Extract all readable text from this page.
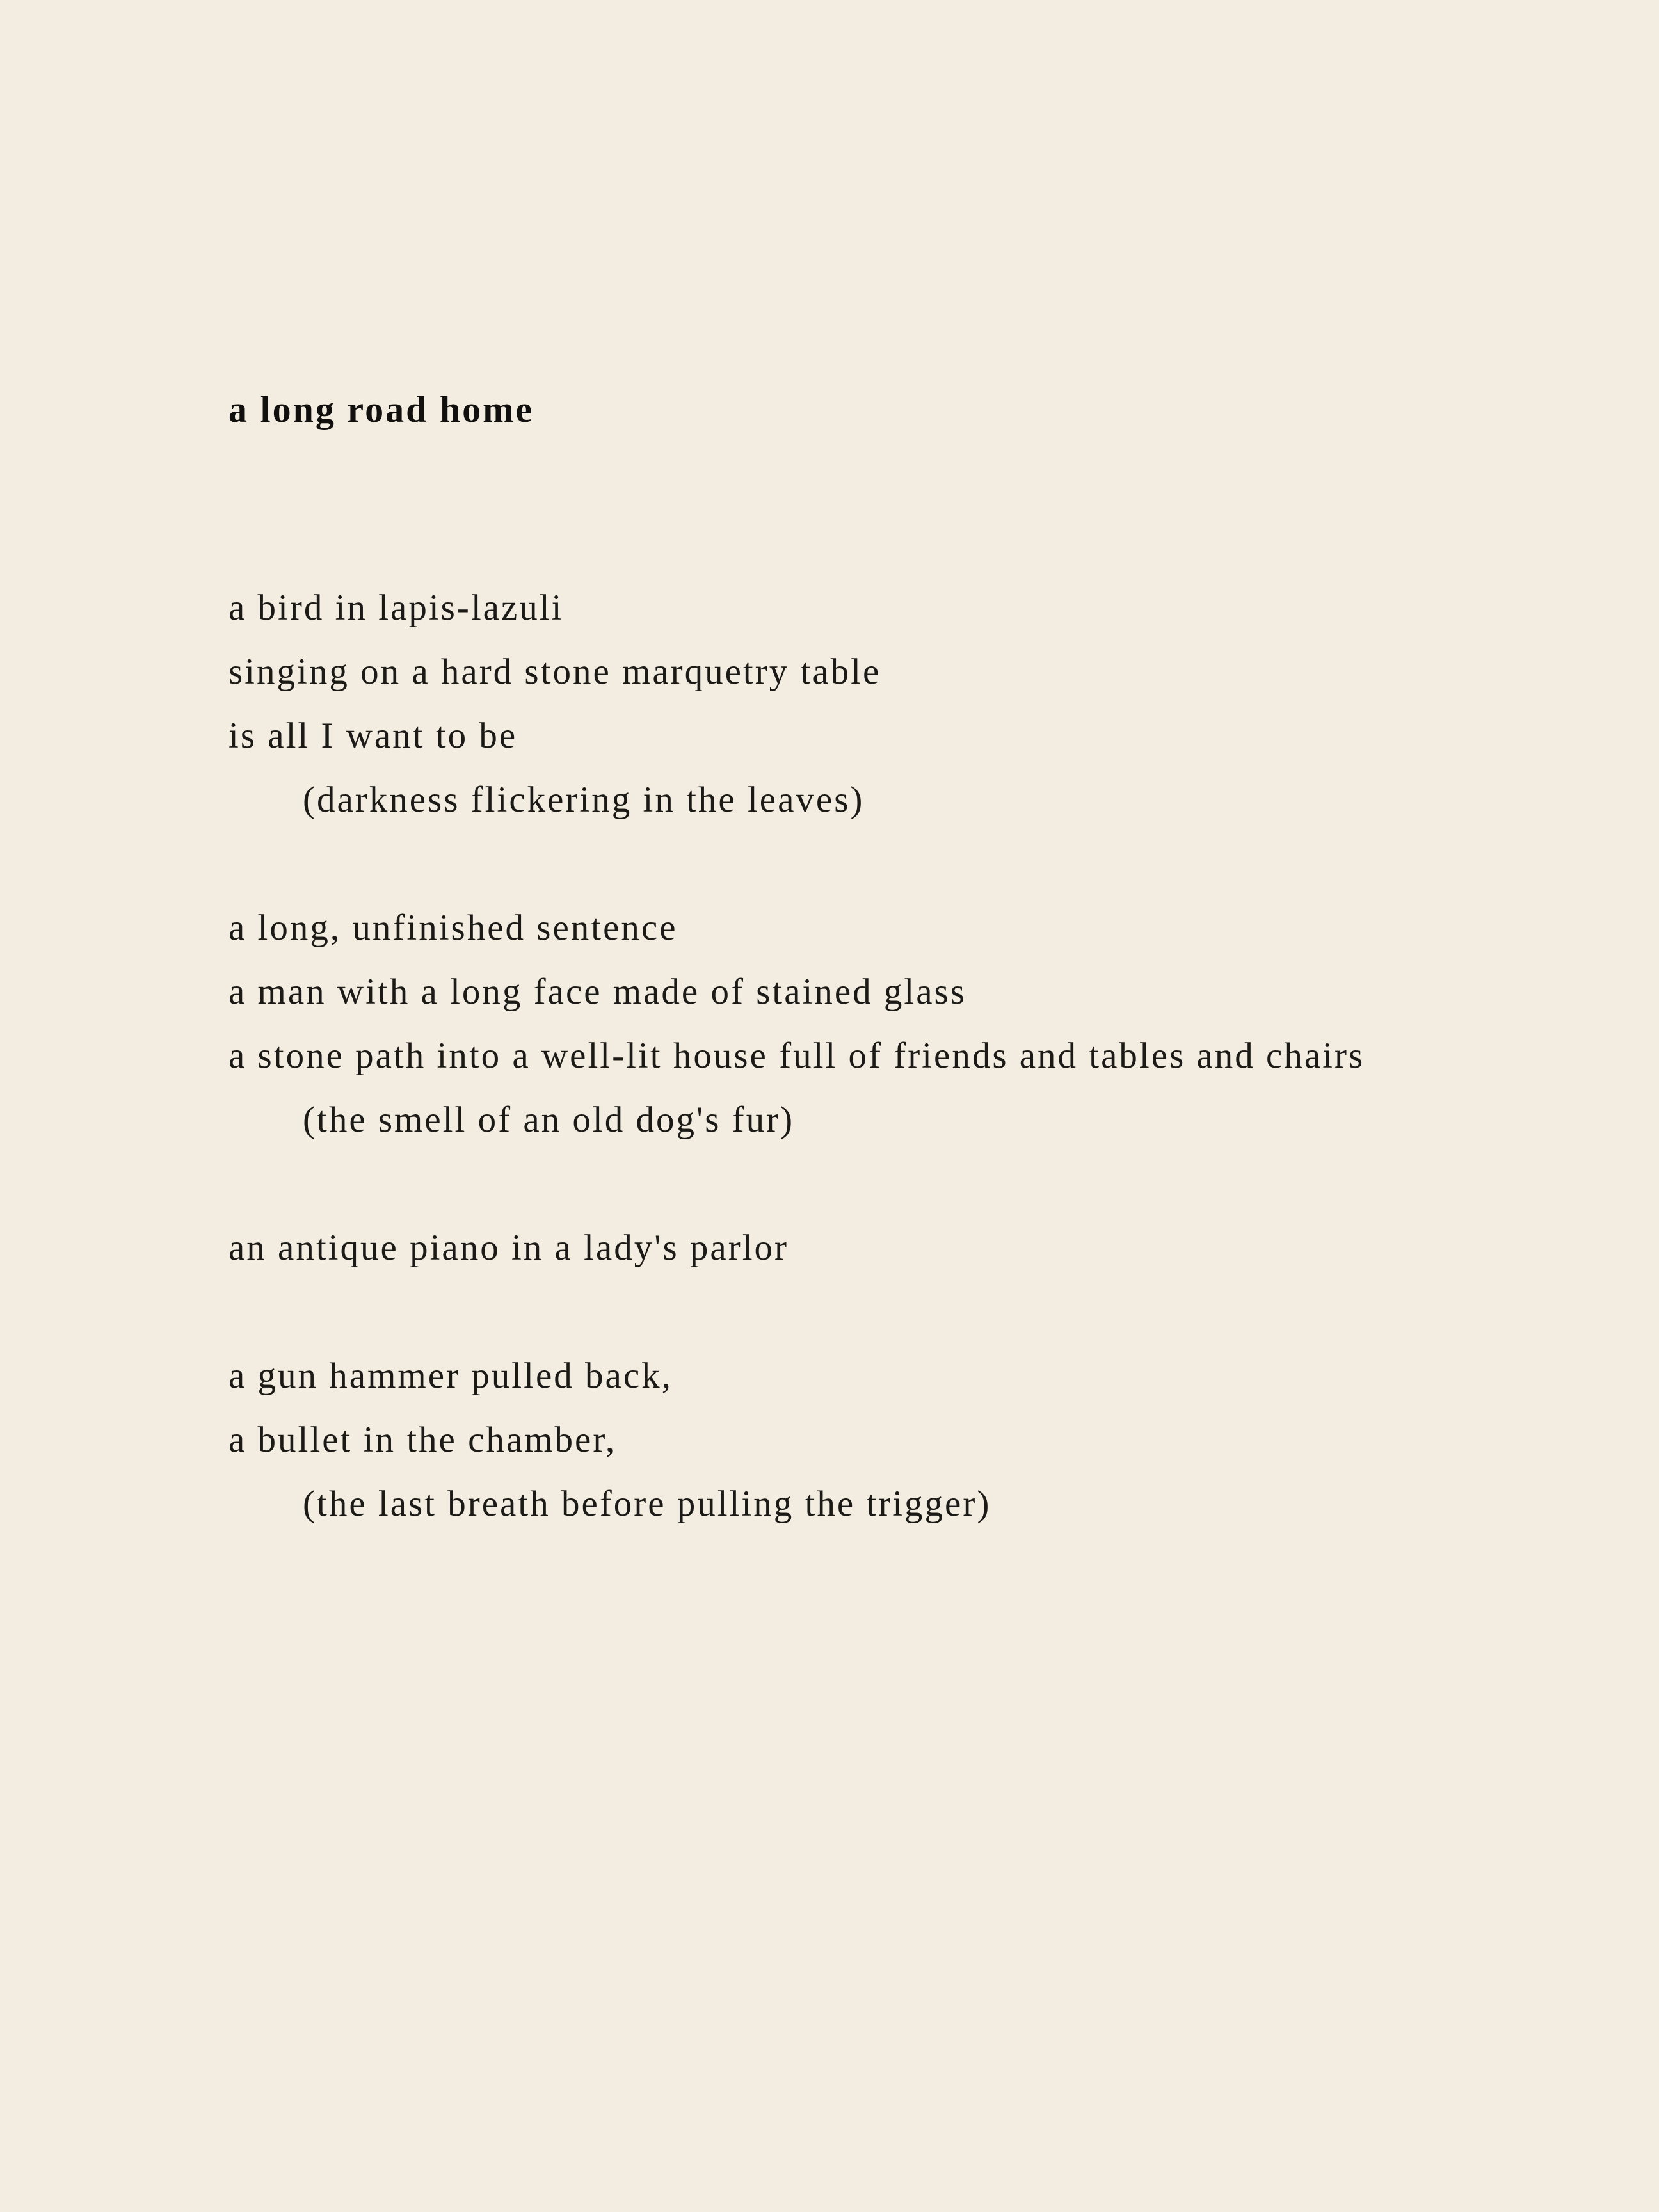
a long road home
a bird in lapis-lazuli
singing on a hard stone marquetry table
is all I want to be
(darkness flickering in the leaves)
a long, unfinished sentence
a man with a long face made of stained glass
a stone path into a well-lit house full of friends and tables and chairs
(the smell of an old dog's fur)
an antique piano in a lady's parlor
a gun hammer pulled back,
a bullet in the chamber,
(the last breath before pulling the trigger)
